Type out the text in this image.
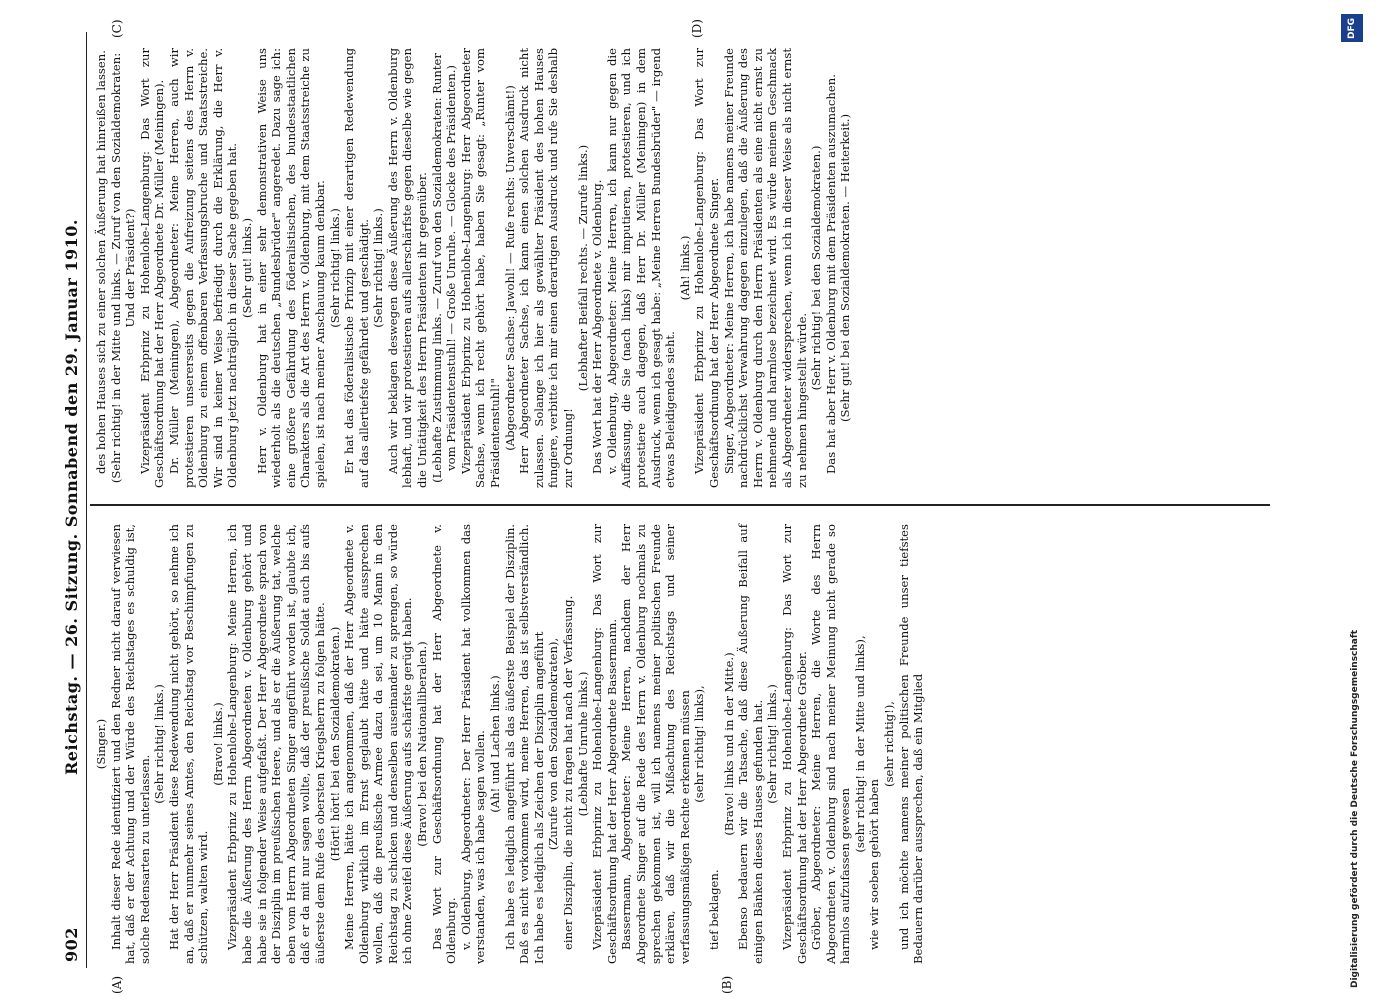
902
Reichstag. — 26. Sitzung. Sonnabend den 29. Januar 1910.
(A)	(B)
(C)	(D)

(Singer.) Inhalt dieser Rede identifiziert und den Redner nicht darauf verwiesen hat, daß er der Achtung und der Würde des Reichstages es schuldig ist, solche Redensarten zu unterlassen.

(Sehr richtig! links.) Hat der Herr Präsident diese Redewendung nicht gehört, so nehme ich an, daß er nunmehr seines Amtes, den Reichstag vor Beschimpfungen zu schützen, walten wird.

(Bravo! links.) Vizepräsident Erbprinz zu Hohenlohe-Langenburg: Meine Herren, ich habe die Äußerung des Herrn Abgeordneten v. Oldenburg gehört und habe sie in folgender Weise aufgefaßt. Der Herr Abgeordnete sprach von der Disziplin im preußischen Heere, und als er die Äußerung tat, welche eben vom Herrn Abgeordneten Singer angeführt worden ist, glaubte ich, daß er da mit nur sagen wollte, daß der preußische Soldat auch bis aufs äußerste dem Rufe des obersten Kriegsherrn zu folgen hätte. (Hört! hört! bei den Sozialdemokraten.) Meine Herren, hätte ich angenommen, daß der Herr Abgeordnete v. Oldenburg wirklich im Ernst geglaubt hätte und hätte aussprechen wollen, daß die preußische Armee dazu da sei, um 10 Mann in den Reichstag zu schicken und denselben auseinander zu sprengen, so würde ich ohne Zweifel diese Äußerung aufs schärfste gerügt haben. (Bravo! bei den Nationalliberalen.) Das Wort zur Geschäftsordnung hat der Herr Abgeordnete v. Oldenburg. v. Oldenburg, Abgeordneter: Der Herr Präsident hat vollkommen das verstanden, was ich habe sagen wollen. (Ah! und Lachen links.) Ich habe es lediglich angeführt als das äußerste Beispiel der Disziplin. Daß es nicht vorkommen wird, meine Herren, das ist selbstverständlich. Ich habe es lediglich als Zeichen der Disziplin angeführt (Zurufe von den Sozialdemokraten), einer Disziplin, die nicht zu fragen hat nach der Verfassung. (Lebhafte Unruhe links.) Vizepräsident Erbprinz zu Hohenlohe-Langenburg: Das Wort zur Geschäftsordnung hat der Herr Abgeordnete Bassermann. Bassermann, Abgeordneter: Meine Herren, nachdem der Herr Abgeordnete Singer auf die Rede des Herrn v. Oldenburg nochmals zu sprechen gekommen ist, will ich namens meiner politischen Freunde erklären, daß wir die Mißachtung des Reichstags und seiner verfassungsmäßigen Rechte erkennen müssen (sehr richtig! links),

tief beklagen.

(Bravo! links und in der Mitte.) Ebenso bedauern wir die Tatsache, daß diese Äußerung Beifall auf einigen Bänken dieses Hauses gefunden hat. (Sehr richtig! links.) Vizepräsident Erbprinz zu Hohenlohe-Langenburg: Das Wort zur Geschäftsordnung hat der Herr Abgeordnete Gröber. Gröber, Abgeordneter: Meine Herren, die Worte des Herrn Abgeordneten v. Oldenburg sind nach meiner Meinung nicht gerade so harmlos aufzufassen gewesen

(sehr richtig! in der Mitte und links),

wie wir soeben gehört haben

(sehr richtig!), und ich möchte namens meiner politischen Freunde unser tiefstes Bedauern darüber aussprechen, daß ein Mitglied

des hohen Hauses sich zu einer solchen Äußerung hat hinreißen lassen. (Sehr richtig! in der Mitte und links. — Zuruf von den Sozialdemokraten: Und der Präsident?) Vizepräsident Erbprinz zu Hohenlohe-Langenburg: Das Wort zur Geschäftsordnung hat der Herr Abgeordnete Dr. Müller (Meiningen). Dr. Müller (Meiningen), Abgeordneter: Meine Herren, auch wir protestieren unsererseits gegen die Aufreizung seitens des Herrn v. Oldenburg zu einem offenbaren Verfassungsbruche und Staatsstreiche. Wir sind in keiner Weise befriedigt durch die Erklärung, die Herr v. Oldenburg jetzt nachträglich in dieser Sache gegeben hat. (Sehr gut! links.) Herr v. Oldenburg hat in einer sehr demonstrativen Weise uns wiederholt als die deutschen „Bundesbrüder" angeredet. Dazu sage ich: eine größere Gefährdung des föderalistischen, des bundesstaatlichen Charakters als die Art des Herrn v. Oldenburg, mit dem Staatsstreiche zu spielen, ist nach meiner Anschauung kaum denkbar. (Sehr richtig! links.) Er hat das föderalistische Prinzip mit einer derartigen Redewendung auf das allertiefste gefährdet und geschädigt. (Sehr richtig! links.) Auch wir beklagen deswegen diese Äußerung des Herrn v. Oldenburg lebhaft, und wir protestieren aufs allerschärfste gegen dieselbe wie gegen die Untätigkeit des Herrn Präsidenten ihr gegenüber. (Lebhafte Zustimmung links. — Zuruf von den Sozialdemokraten: Runter vom Präsidentenstuhl! — Große Unruhe. — Glocke des Präsidenten.) Vizepräsident Erbprinz zu Hohenlohe-Langenburg: Herr Abgeordneter Sachse, wenn ich recht gehört habe, haben Sie gesagt: „Runter vom Präsidentenstuhl!" (Abgeordneter Sachse: Jawohl! — Rufe rechts: Unverschämt!) Herr Abgeordneter Sachse, ich kann einen solchen Ausdruck nicht zulassen. Solange ich hier als gewählter Präsident des hohen Hauses fungiere, verbitte ich mir einen derartigen Ausdruck und rufe Sie deshalb zur Ordnung!

(Lebhafter Beifall rechts. — Zurufe links.) Das Wort hat der Herr Abgeordnete v. Oldenburg. v. Oldenburg, Abgeordneter: Meine Herren, ich kann nur gegen die Auffassung, die Sie (nach links) mir imputieren, protestieren, und ich protestiere auch dagegen, daß Herr Dr. Müller (Meiningen) in dem Ausdruck, wenn ich gesagt habe: „Meine Herren Bundesbrüder" — irgend etwas Beleidigendes sieht.

(Ah! links.) Vizepräsident Erbprinz zu Hohenlohe-Langenburg: Das Wort zur Geschäftsordnung hat der Herr Abgeordnete Singer. Singer, Abgeordneter: Meine Herren, ich habe namens meiner Freunde nachdrücklichst Verwahrung dagegen einzulegen, daß die Äußerung des Herrn v. Oldenburg durch den Herrn Präsidenten als eine nicht ernst zu nehmende und harmlose bezeichnet wird. Es würde meinem Geschmack als Abgeordneter widersprechen, wenn ich in dieser Weise als nicht ernst zu nehmen hingestellt würde.

(Sehr richtig! bei den Sozialdemokraten.) Das hat aber Herr v. Oldenburg mit dem Präsidenten auszumachen. (Sehr gut! bei den Sozialdemokraten. — Heiterkeit.)

DFG
Digitalisierung gefördert durch die Deutsche Forschungsgemeinschaft
